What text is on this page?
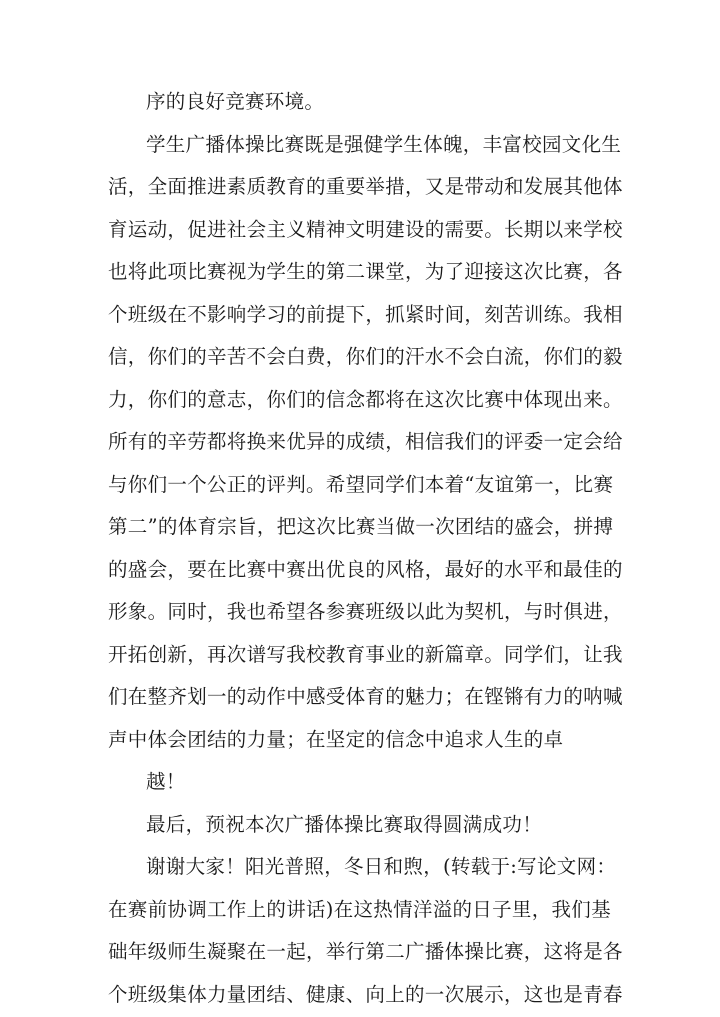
序的良好竞赛环境。
学生广播体操比赛既是强健学生体魄，丰富校园文化生
活，全面推进素质教育的重要举措，又是带动和发展其他体
育运动，促进社会主义精神文明建设的需要。长期以来学校
也将此项比赛视为学生的第二课堂，为了迎接这次比赛，各
个班级在不影响学习的前提下，抓紧时间，刻苦训练。我相
信，你们的辛苦不会白费，你们的汗水不会白流，你们的毅
力，你们的意志，你们的信念都将在这次比赛中体现出来。
所有的辛劳都将换来优异的成绩，相信我们的评委一定会给
与你们一个公正的评判。希望同学们本着“友谊第一，比赛
第二”的体育宗旨，把这次比赛当做一次团结的盛会，拼搏
的盛会，要在比赛中赛出优良的风格，最好的水平和最佳的
形象。同时，我也希望各参赛班级以此为契机，与时俱进，
开拓创新，再次谱写我校教育事业的新篇章。同学们，让我
们在整齐划一的动作中感受体育的魅力；在铿锵有力的呐喊
声中体会团结的力量；在坚定的信念中追求人生的卓
越！
最后，预祝本次广播体操比赛取得圆满成功！
谢谢大家！阳光普照，冬日和煦，(转载于:写论文网：
在赛前协调工作上的讲话)在这热情洋溢的日子里，我们基
础年级师生凝聚在一起，举行第二广播体操比赛，这将是各
个班级集体力量团结、健康、向上的一次展示，这也是青春
